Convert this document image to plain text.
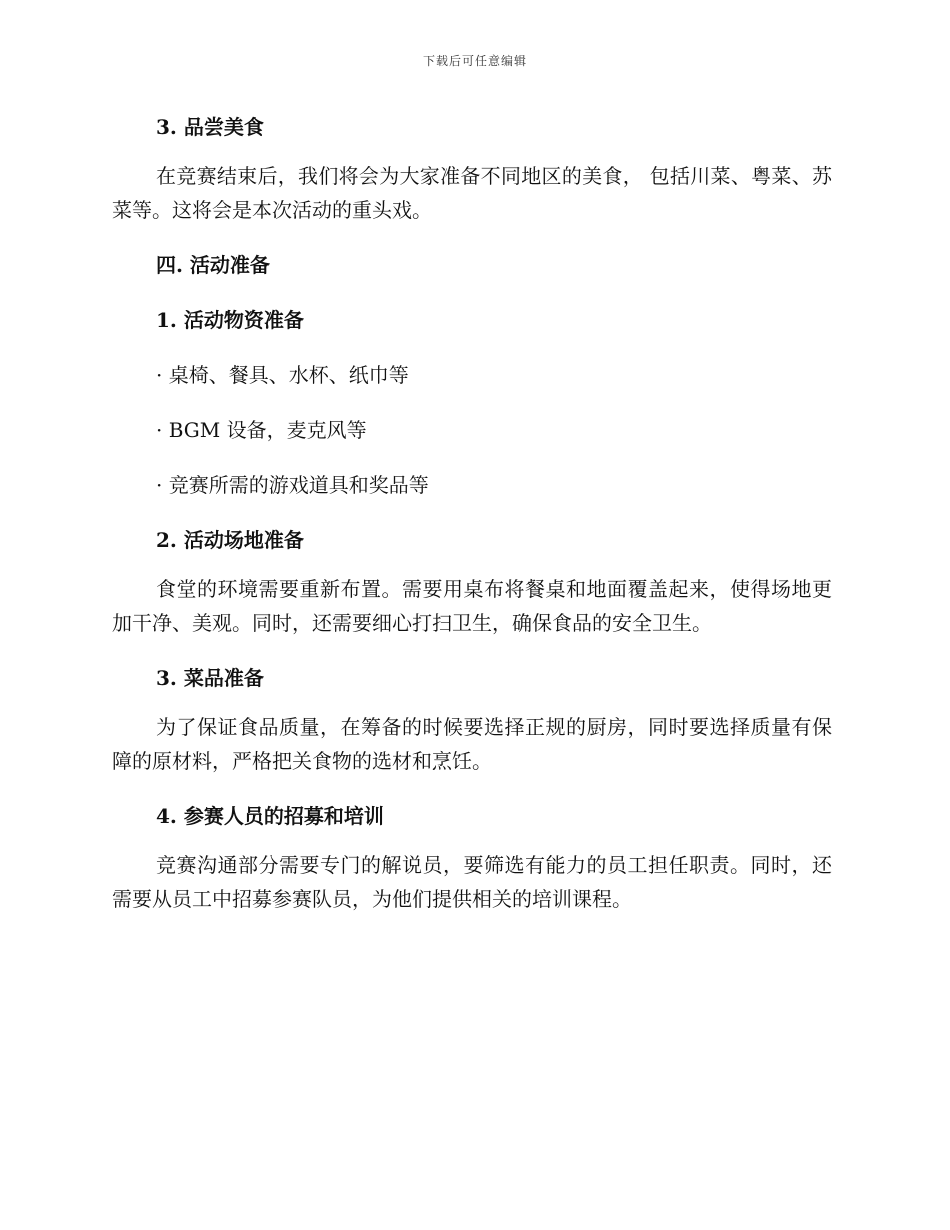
下载后可任意编辑

3. 品尝美食

在竞赛结束后，我们将会为大家准备不同地区的美食， 包括川菜、粤菜、苏菜等。这将会是本次活动的重头戏。

四. 活动准备

1. 活动物资准备

· 桌椅、餐具、水杯、纸巾等

· BGM 设备，麦克风等

· 竞赛所需的游戏道具和奖品等

2. 活动场地准备

食堂的环境需要重新布置。需要用桌布将餐桌和地面覆盖起来，使得场地更加干净、美观。同时，还需要细心打扫卫生，确保食品的安全卫生。

3. 菜品准备

为了保证食品质量，在筹备的时候要选择正规的厨房，同时要选择质量有保障的原材料，严格把关食物的选材和烹饪。

4. 参赛人员的招募和培训

竞赛沟通部分需要专门的解说员，要筛选有能力的员工担任职责。同时，还需要从员工中招募参赛队员，为他们提供相关的培训课程。
